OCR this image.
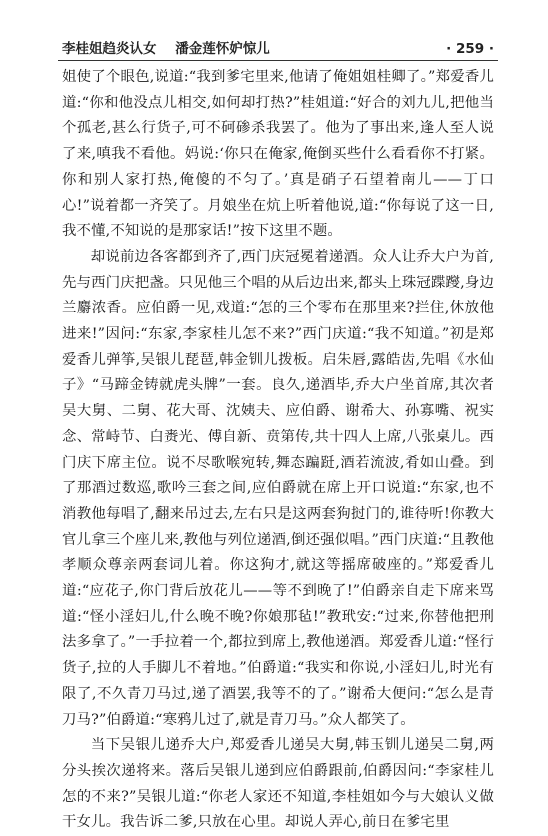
李桂姐趋炎认女 潘金莲怀妒惊儿	· 259 ·

姐使了个眼色,说道:“我到爹宅里来,他请了俺姐姐桂卿了。”郑爱香儿道:“你和他没点儿相交,如何却打热?”桂姐道:“好合的刘九儿,把他当个孤老,甚么行货子,可不砢碜杀我罢了。他为了事出来,逢人至人说了来,嗔我不看他。妈说:‘你只在俺家,俺倒买些什么看看你不打紧。你和别人家打热,俺傻的不匀了。’真是硝子石望着南儿——丁口心!”说着都一齐笑了。月娘坐在炕上听着他说,道:“你每说了这一日,我不懂,不知说的是那家话!”按下这里不题。

却说前边各客都到齐了,西门庆冠冕着递酒。众人让乔大户为首,先与西门庆把盏。只见他三个唱的从后边出来,都头上珠冠蹀躞,身边兰麝浓香。应伯爵一见,戏道:“怎的三个零布在那里来?拦住,休放他进来!”因问:“东家,李家桂儿怎不来?”西门庆道:“我不知道。”初是郑爱香儿弹筝,吴银儿琵琶,韩金钏儿拨板。启朱唇,露皓齿,先唱《水仙子》“马蹄金铸就虎头牌”一套。良久,递酒毕,乔大户坐首席,其次者吴大舅、二舅、花大哥、沈姨夫、应伯爵、谢希大、孙寡嘴、祝实念、常峙节、白赉光、傅自新、贲第传,共十四人上席,八张桌儿。西门庆下席主位。说不尽歌喉宛转,舞态蹁跹,酒若流波,肴如山叠。到了那酒过数巡,歌吟三套之间,应伯爵就在席上开口说道:“东家,也不消教他每唱了,翻来吊过去,左右只是这两套狗挝门的,谁待听!你教大官儿拿三个座儿来,教他与列位递酒,倒还强似唱。”西门庆道:“且教他孝顺众尊亲两套词儿着。你这狗才,就这等摇席破座的。”郑爱香儿道:“应花子,你门背后放花儿——等不到晚了!”伯爵亲自走下席来骂道:“怪小淫妇儿,什么晚不晚?你娘那毡!”教玳安:“过来,你替他把刑法多拿了。”一手拉着一个,都拉到席上,教他递酒。郑爱香儿道:“怪行货子,拉的人手脚儿不着地。”伯爵道:“我实和你说,小淫妇儿,时光有限了,不久青刀马过,递了酒罢,我等不的了。”谢希大便问:“怎么是青刀马?”伯爵道:“寒鸦儿过了,就是青刀马。”众人都笑了。

当下吴银儿递乔大户,郑爱香儿递吴大舅,韩玉钏儿递吴二舅,两分头挨次递将来。落后吴银儿递到应伯爵跟前,伯爵因问:“李家桂儿怎的不来?”吴银儿道:“你老人家还不知道,李桂姐如今与大娘认义做干女儿。我告诉二爹,只放在心里。却说人弄心,前日在爹宅里
